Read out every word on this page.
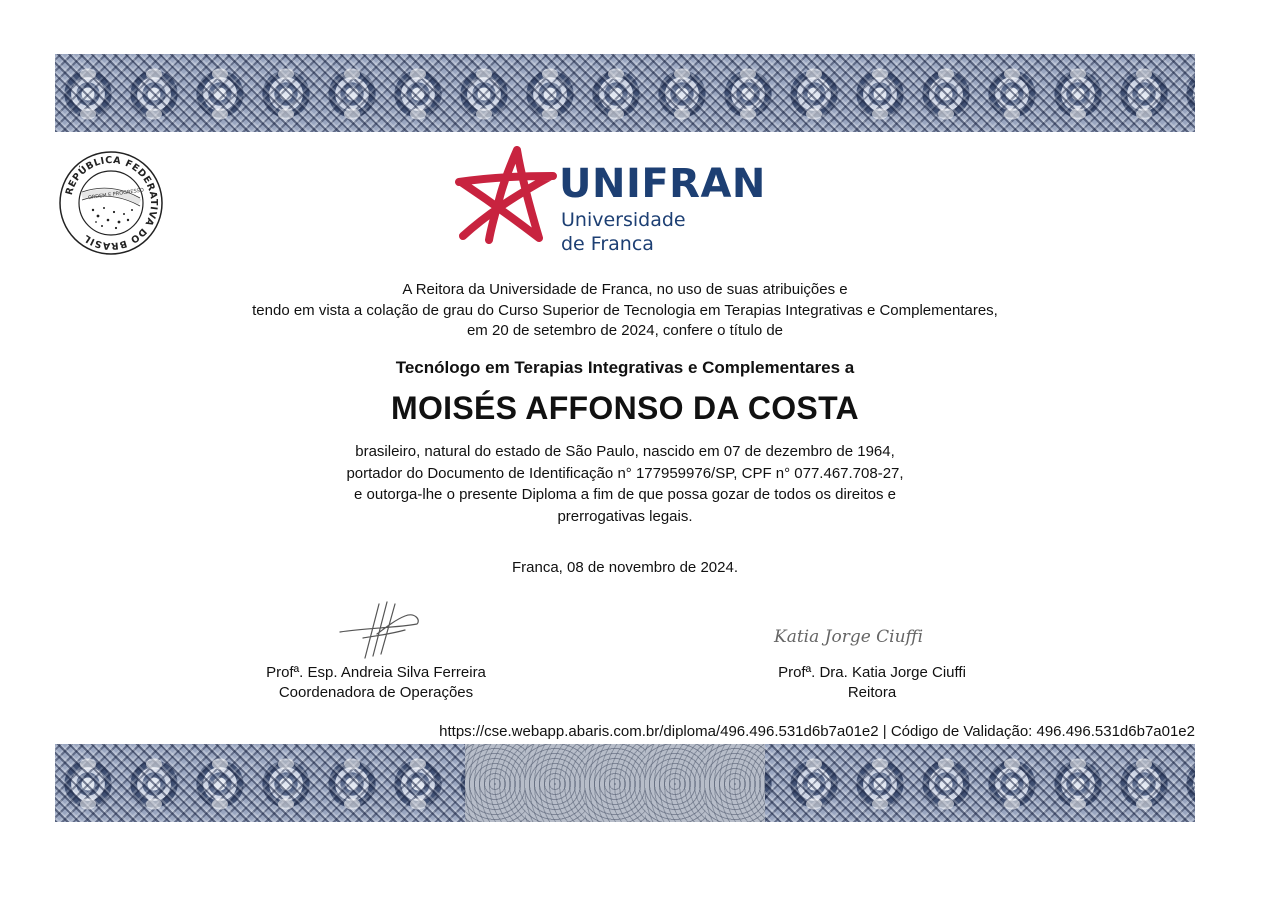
REPÚBLICA FEDERATIVA DO BRASIL
ORDEM E PROGRESSO	UNIFRAN
Universidade
de Franca
A Reitora da Universidade de Franca, no uso de suas atribuições e
tendo em vista a colação de grau do Curso Superior de Tecnologia em Terapias Integrativas e Complementares,
em 20 de setembro de 2024, confere o título de
Tecnólogo em Terapias Integrativas e Complementares a
MOISÉS AFFONSO DA COSTA
brasileiro, natural do estado de São Paulo, nascido em 07 de dezembro de 1964,
portador do Documento de Identificação n° 177959976/SP, CPF n° 077.467.708-27,
e outorga-lhe o presente Diploma a fim de que possa gozar de todos os direitos e
prerrogativas legais.
Franca, 08 de novembro de 2024.
Katia Jorge Ciuffi
Profª. Esp. Andreia Silva Ferreira
Coordenadora de Operações
Profª. Dra. Katia Jorge Ciuffi
Reitora
https://cse.webapp.abaris.com.br/diploma/496.496.531d6b7a01e2 | Código de Validação: 496.496.531d6b7a01e2
